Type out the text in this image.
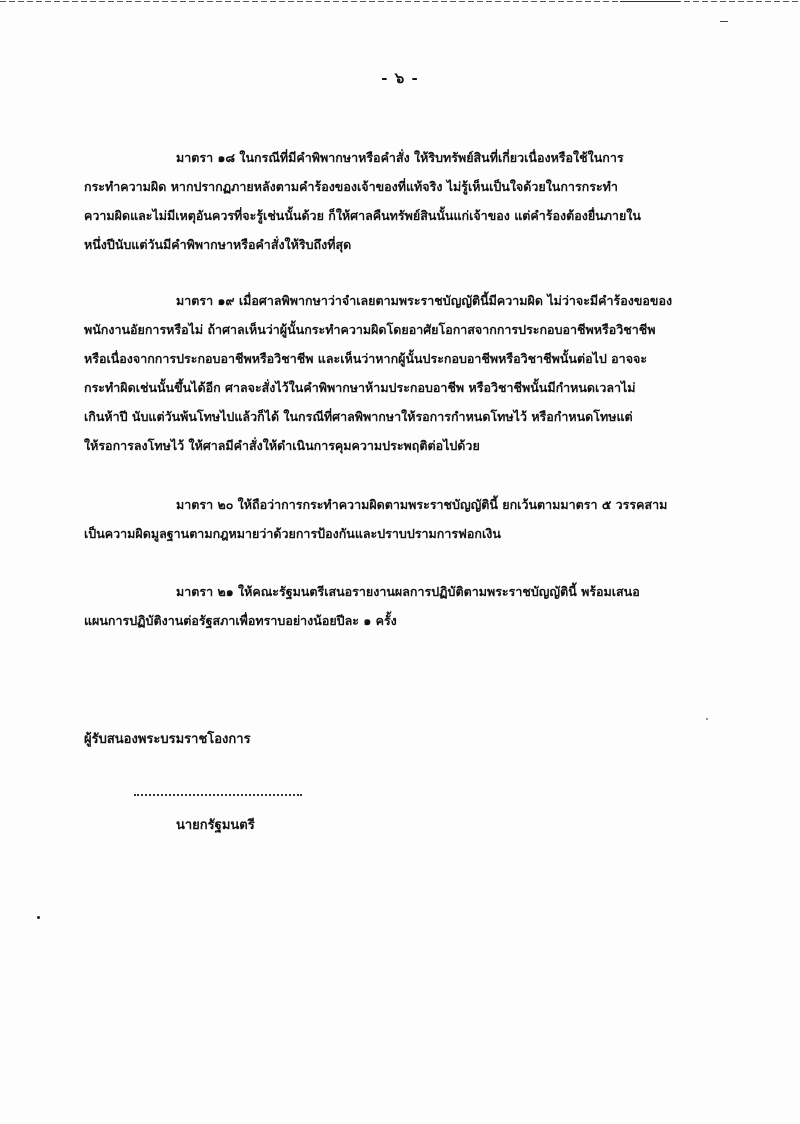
- ๖ -
มาตรา ๑๘ ในกรณีที่มีคำพิพากษาหรือคำสั่ง ให้ริบทรัพย์สินที่เกี่ยวเนื่องหรือใช้ในการ
กระทำความผิด หากปรากฏภายหลังตามคำร้องของเจ้าของที่แท้จริง ไม่รู้เห็นเป็นใจด้วยในการกระทำ
ความผิดและไม่มีเหตุอันควรที่จะรู้เช่นนั้นด้วย ก็ให้ศาลคืนทรัพย์สินนั้นแก่เจ้าของ แต่คำร้องต้องยื่นภายใน
หนึ่งปีนับแต่วันมีคำพิพากษาหรือคำสั่งให้ริบถึงที่สุด
มาตรา ๑๙ เมื่อศาลพิพากษาว่าจำเลยตามพระราชบัญญัตินี้มีความผิด ไม่ว่าจะมีคำร้องขอของ
พนักงานอัยการหรือไม่ ถ้าศาลเห็นว่าผู้นั้นกระทำความผิดโดยอาศัยโอกาสจากการประกอบอาชีพหรือวิชาชีพ
หรือเนื่องจากการประกอบอาชีพหรือวิชาชีพ และเห็นว่าหากผู้นั้นประกอบอาชีพหรือวิชาชีพนั้นต่อไป อาจจะ
กระทำผิดเช่นนั้นขึ้นได้อีก ศาลจะสั่งไว้ในคำพิพากษาห้ามประกอบอาชีพ หรือวิชาชีพนั้นมีกำหนดเวลาไม่
เกินห้าปี นับแต่วันพ้นโทษไปแล้วก็ได้ ในกรณีที่ศาลพิพากษาให้รอการกำหนดโทษไว้ หรือกำหนดโทษแต่
ให้รอการลงโทษไว้ ให้ศาลมีคำสั่งให้ดำเนินการคุมความประพฤติต่อไปด้วย
มาตรา ๒๐ ให้ถือว่าการกระทำความผิดตามพระราชบัญญัตินี้ ยกเว้นตามมาตรา ๕ วรรคสาม
เป็นความผิดมูลฐานตามกฎหมายว่าด้วยการป้องกันและปราบปรามการฟอกเงิน
มาตรา ๒๑ ให้คณะรัฐมนตรีเสนอรายงานผลการปฏิบัติตามพระราชบัญญัตินี้ พร้อมเสนอ
แผนการปฏิบัติงานต่อรัฐสภาเพื่อทราบอย่างน้อยปีละ ๑ ครั้ง
ผู้รับสนองพระบรมราชโองการ
นายกรัฐมนตรี
